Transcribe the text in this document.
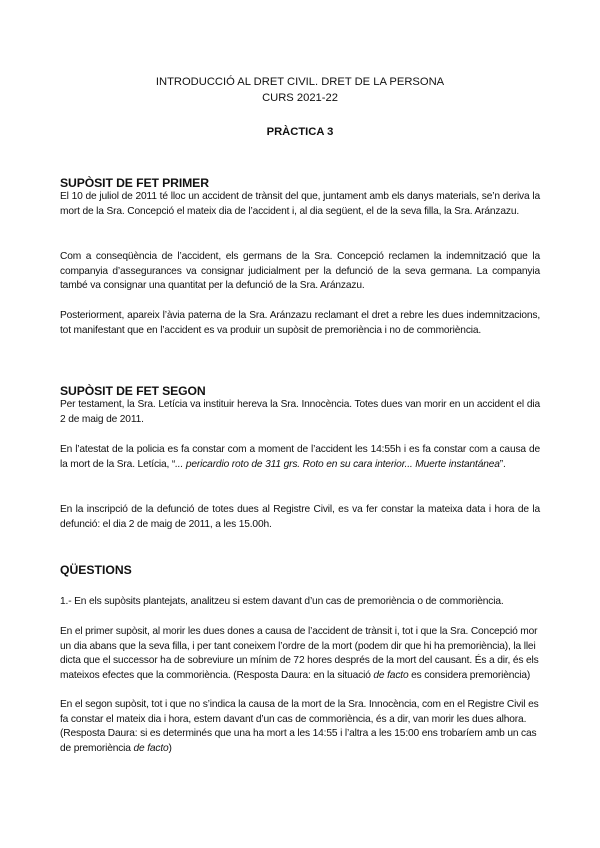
INTRODUCCIÓ AL DRET CIVIL. DRET DE LA PERSONA
CURS 2021-22
PRÀCTICA 3
SUPÒSIT DE FET PRIMER

El 10 de juliol de 2011 té lloc un accident de trànsit del que, juntament amb els danys materials, se’n deriva la mort de la Sra. Concepció el mateix dia de l’accident i, al dia següent, el de la seva filla, la Sra. Aránzazu.

Com a conseqüència de l’accident, els germans de la Sra. Concepció reclamen la indemnització que la companyia d’assegurances va consignar judicialment per la defunció de la seva germana. La companyia també va consignar una quantitat per la defunció de la Sra. Aránzazu.

Posteriorment, apareix l’àvia paterna de la Sra. Aránzazu reclamant el dret a rebre les dues indemnitzacions, tot manifestant que en l’accident es va produir un supòsit de premoriència i no de commoriència.

SUPÒSIT DE FET SEGON

Per testament, la Sra. Letícia va instituir hereva la Sra. Innocència. Totes dues van morir en un accident el dia 2 de maig de 2011.

En l’atestat de la policia es fa constar com a moment de l’accident les 14:55h i es fa constar com a causa de la mort de la Sra. Letícia, “... pericardio roto de 311 grs. Roto en su cara interior... Muerte instantánea”.

En la inscripció de la defunció de totes dues al Registre Civil, es va fer constar la mateixa data i hora de la defunció: el dia 2 de maig de 2011, a les 15.00h.

QÜESTIONS

1.- En els supòsits plantejats, analitzeu si estem davant d’un cas de premoriència o de commoriència.

En el primer supòsit, al morir les dues dones a causa de l’accident de trànsit i, tot i que la Sra. Concepció mor un dia abans que la seva filla, i per tant coneixem l’ordre de la mort (podem dir que hi ha premoriència), la llei dicta que el successor ha de sobreviure un mínim de 72 hores després de la mort del causant. És a dir, és els mateixos efectes que la commoriència. (Resposta Daura: en la situació de facto es considera premoriència)

En el segon supòsit, tot i que no s’indica la causa de la mort de la Sra. Innocència, com en el Registre Civil es fa constar el mateix dia i hora, estem davant d’un cas de commoriència, és a dir, van morir les dues alhora. (Resposta Daura: si es determinés que una ha mort a les 14:55 i l’altra a les 15:00 ens trobaríem amb un cas de premoriència de facto)
